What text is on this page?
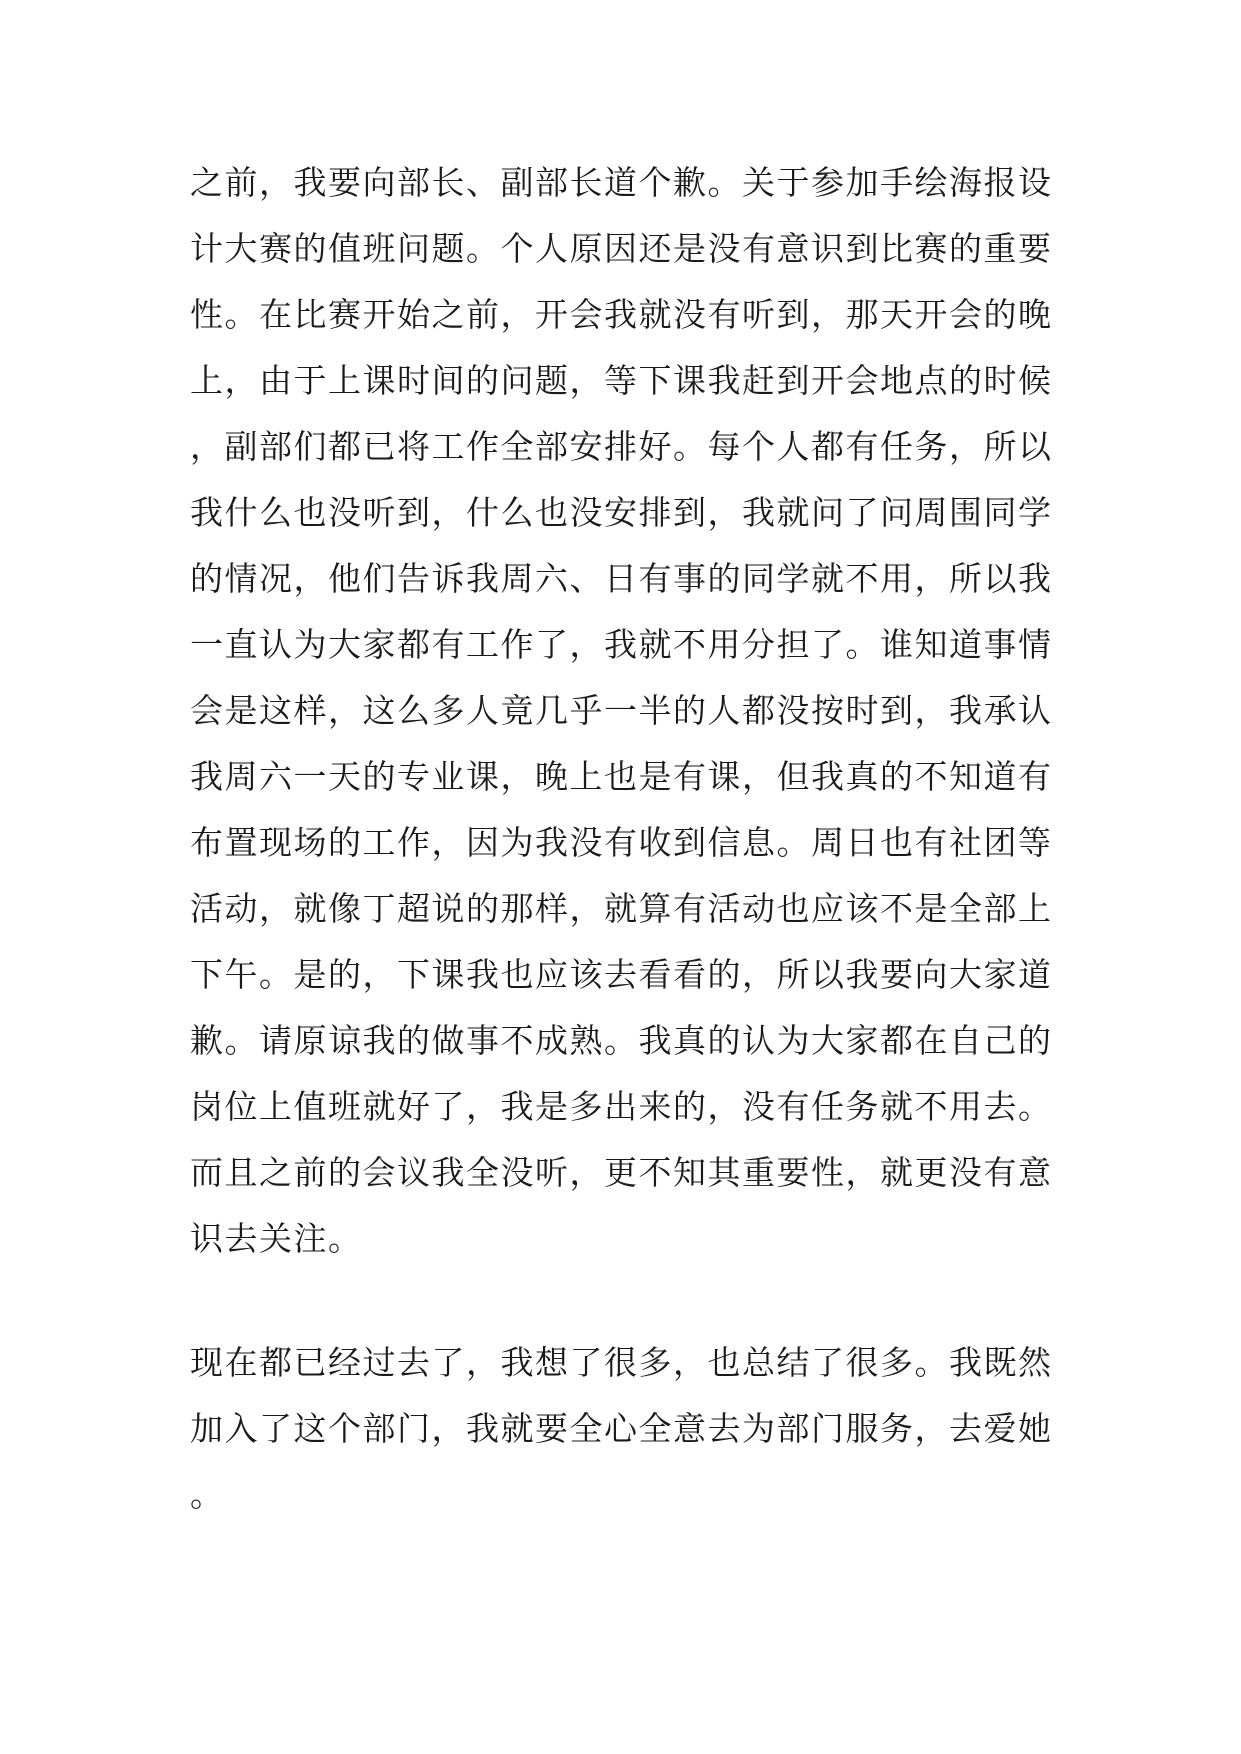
之前，我要向部长、副部长道个歉。关于参加手绘海报设
计大赛的值班问题。个人原因还是没有意识到比赛的重要
性。在比赛开始之前，开会我就没有听到，那天开会的晚
上，由于上课时间的问题，等下课我赶到开会地点的时候
，副部们都已将工作全部安排好。每个人都有任务，所以
我什么也没听到，什么也没安排到，我就问了问周围同学
的情况，他们告诉我周六、日有事的同学就不用，所以我
一直认为大家都有工作了，我就不用分担了。谁知道事情
会是这样，这么多人竟几乎一半的人都没按时到，我承认
我周六一天的专业课，晚上也是有课，但我真的不知道有
布置现场的工作，因为我没有收到信息。周日也有社团等
活动，就像丁超说的那样，就算有活动也应该不是全部上
下午。是的，下课我也应该去看看的，所以我要向大家道
歉。请原谅我的做事不成熟。我真的认为大家都在自己的
岗位上值班就好了，我是多出来的，没有任务就不用去。
而且之前的会议我全没听，更不知其重要性，就更没有意
识去关注。
现在都已经过去了，我想了很多，也总结了很多。我既然
加入了这个部门，我就要全心全意去为部门服务，去爱她
。
